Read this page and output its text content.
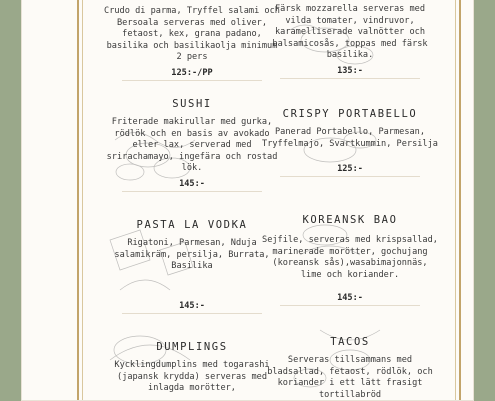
Crudo di parma, Tryffel salami och Bersoala serveras med oliver, fetaost, kex, grana padano, basilika och basilikaolja minimum 2 pers

125:-/PP

SUSHI

Friterade makirullar med gurka, rödlök och en basis av avokado eller lax, serverad med srirachamayo, ingefära och rostad lök.

145:-

PASTA LA VODKA

Rigatoni, Parmesan, Nduja salamikräm, persilja, Burrata, Basilika

145:-

DUMPLINGS

Kycklingdumplins med togarashi (japansk krydda) serveras med inlagda morötter,

Färsk mozzarella serveras med vilda tomater, vindruvor, karamelliserade valnötter och balsamicosås, toppas med färsk basilika.

135:-

CRISPY PORTABELLO

Panerad Portabello, Parmesan, Tryffelmajo, Svartkummin, Persilja

125:-

KOREANSK BAO

Sejfile, serveras med krispsallad, marinerade morötter, gochujang (koreansk sås),wasabimajonnäs, lime och koriander.

145:-

TACOS

Serveras tillsammans med bladsallad, fetaost, rödlök, och koriander i ett lätt frasigt tortillabröd
